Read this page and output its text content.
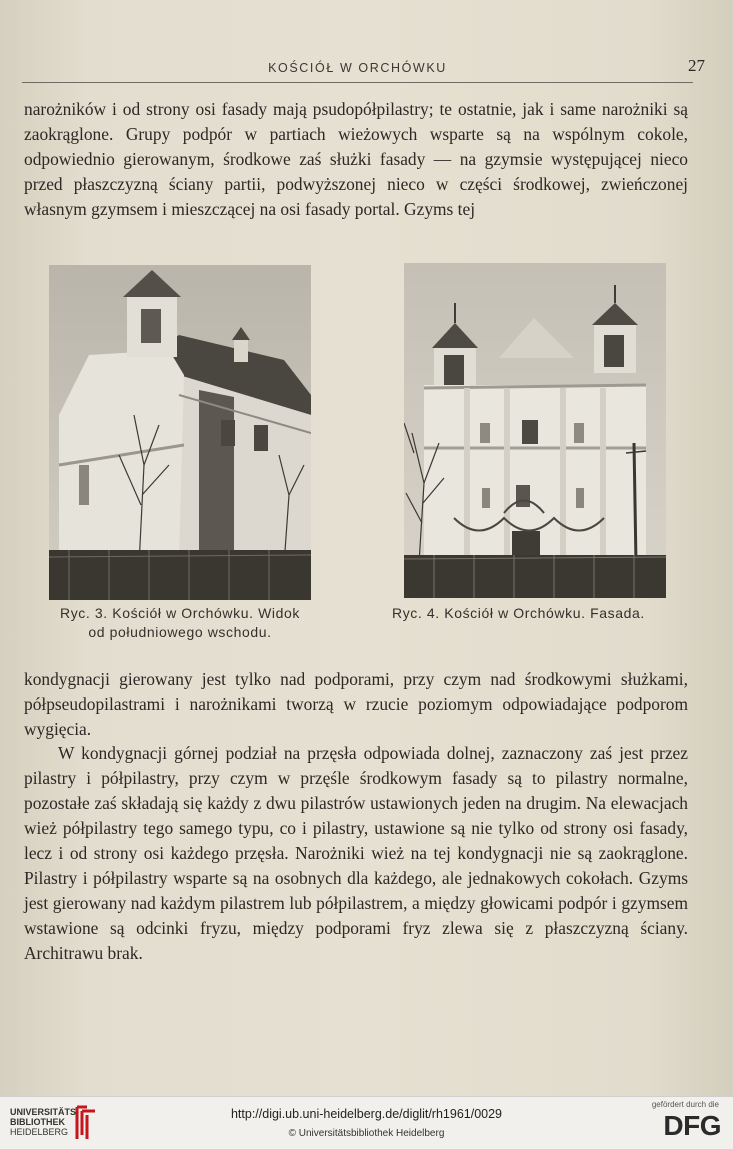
KOŚCIÓŁ W ORCHÓWKU	27

narożników i od strony osi fasady mają psudopółpilastry; te ostatnie, jak i same narożniki są zaokrąglone. Grupy podpór w partiach wieżowych wsparte są na wspólnym cokole, odpowiednio gierowanym, środkowe zaś służki fasady — na gzymsie występującej nieco przed płaszczyzną ściany partii, podwyższonej nieco w części środkowej, zwieńczonej własnym gzymsem i mieszczącej na osi fasady portal. Gzyms tej

Ryc. 3. Kościół w Orchówku. Widok
od południowego wschodu.
Ryc. 4. Kościół w Orchówku. Fasada.

kondygnacji gierowany jest tylko nad podporami, przy czym nad środkowymi służkami, półpseudopilastrami i narożnikami tworzą w rzucie poziomym odpowiadające podporom wygięcia.

W kondygnacji górnej podział na przęsła odpowiada dolnej, zaznaczony zaś jest przez pilastry i półpilastry, przy czym w przęśle środkowym fasady są to pilastry normalne, pozostałe zaś składają się każdy z dwu pilastrów ustawionych jeden na drugim. Na elewacjach wież półpilastry tego samego typu, co i pilastry, ustawione są nie tylko od strony osi fasady, lecz i od strony osi każdego przęsła. Narożniki wież na tej kondygnacji nie są zaokrąglone. Pilastry i półpilastry wsparte są na osobnych dla każdego, ale jednakowych cokołach. Gzyms jest gierowany nad każdym pilastrem lub półpilastrem, a między głowicami podpór i gzymsem wstawione są odcinki fryzu, między podporami fryz zlewa się z płaszczyzną ściany. Architrawu brak.

UNIVERSITÄTS-
BIBLIOTHEK
HEIDELBERG
http://digi.ub.uni-heidelberg.de/diglit/rh1961/0029
© Universitätsbibliothek Heidelberg
gefördert durch die
DFG
